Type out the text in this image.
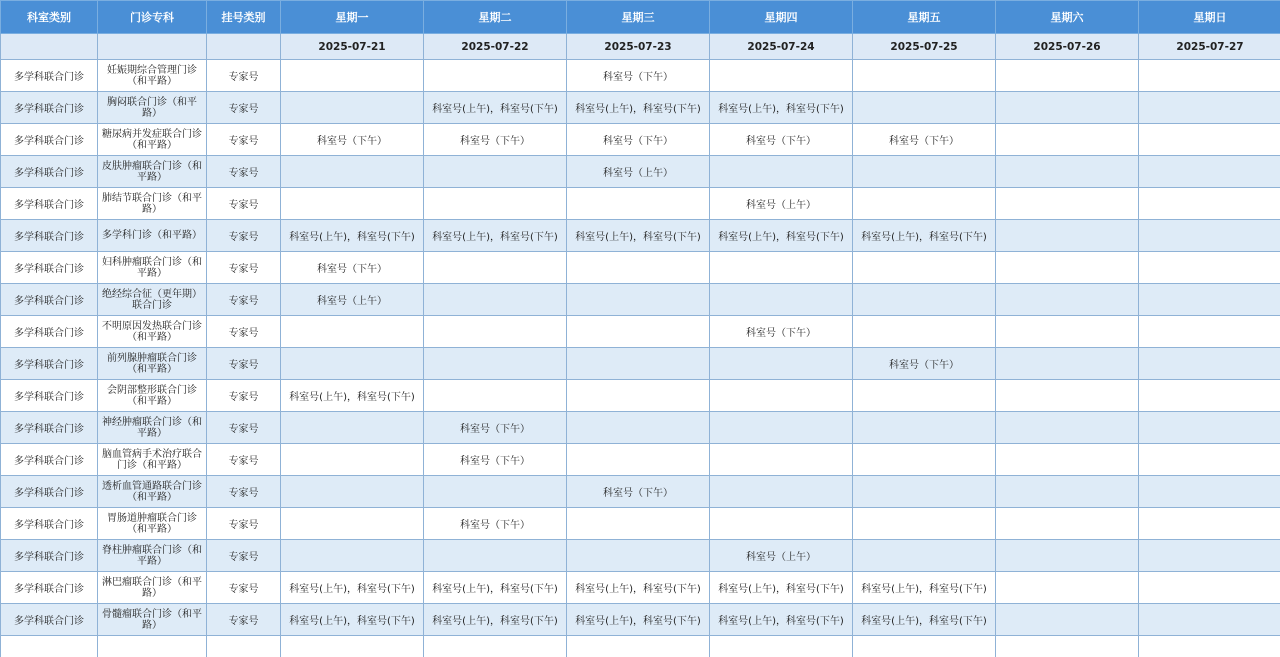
科室类别	门诊专科	挂号类别	星期一	星期二	星期三	星期四	星期五	星期六	星期日
			2025-07-21	2025-07-22	2025-07-23	2025-07-24	2025-07-25	2025-07-26	2025-07-27
多学科联合门诊	妊娠期综合管理门诊（和平路）	专家号			科室号（下午）				
多学科联合门诊	胸闷联合门诊（和平路）	专家号		科室号(上午)，科室号(下午)	科室号(上午)，科室号(下午)	科室号(上午)，科室号(下午)			
多学科联合门诊	糖尿病并发症联合门诊（和平路）	专家号	科室号（下午）	科室号（下午）	科室号（下午）	科室号（下午）	科室号（下午）		
多学科联合门诊	皮肤肿瘤联合门诊（和平路）	专家号			科室号（上午）				
多学科联合门诊	肺结节联合门诊（和平路）	专家号				科室号（上午）			
多学科联合门诊	多学科门诊（和平路）	专家号	科室号(上午)，科室号(下午)	科室号(上午)，科室号(下午)	科室号(上午)，科室号(下午)	科室号(上午)，科室号(下午)	科室号(上午)，科室号(下午)		
多学科联合门诊	妇科肿瘤联合门诊（和平路）	专家号	科室号（下午）						
多学科联合门诊	绝经综合征（更年期）联合门诊	专家号	科室号（上午）						
多学科联合门诊	不明原因发热联合门诊（和平路）	专家号				科室号（下午）			
多学科联合门诊	前列腺肿瘤联合门诊（和平路）	专家号					科室号（下午）		
多学科联合门诊	会阴部整形联合门诊（和平路）	专家号	科室号(上午)，科室号(下午)						
多学科联合门诊	神经肿瘤联合门诊（和平路）	专家号		科室号（下午）					
多学科联合门诊	脑血管病手术治疗联合门诊（和平路）	专家号		科室号（下午）					
多学科联合门诊	透析血管通路联合门诊（和平路）	专家号			科室号（下午）				
多学科联合门诊	胃肠道肿瘤联合门诊（和平路）	专家号		科室号（下午）					
多学科联合门诊	脊柱肿瘤联合门诊（和平路）	专家号				科室号（上午）			
多学科联合门诊	淋巴瘤联合门诊（和平路）	专家号	科室号(上午)，科室号(下午)	科室号(上午)，科室号(下午)	科室号(上午)，科室号(下午)	科室号(上午)，科室号(下午)	科室号(上午)，科室号(下午)		
多学科联合门诊	骨髓瘤联合门诊（和平路）	专家号	科室号(上午)，科室号(下午)	科室号(上午)，科室号(下午)	科室号(上午)，科室号(下午)	科室号(上午)，科室号(下午)	科室号(上午)，科室号(下午)		
